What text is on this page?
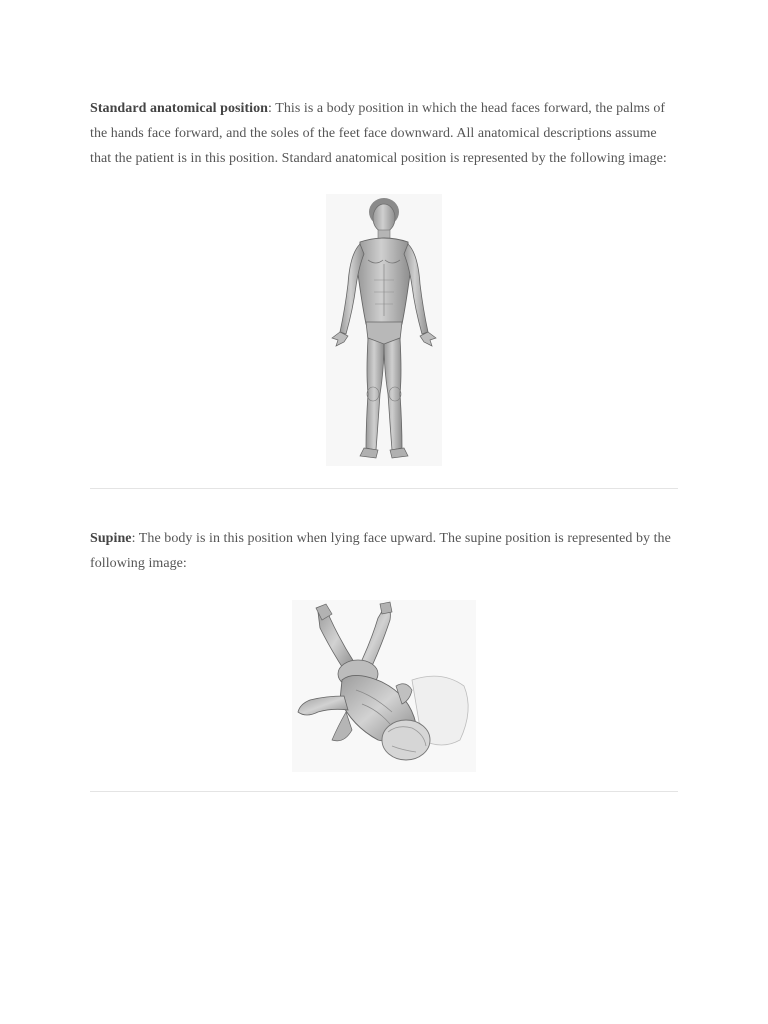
Standard anatomical position: This is a body position in which the head faces forward, the palms of the hands face forward, and the soles of the feet face downward. All anatomical descriptions assume that the patient is in this position. Standard anatomical position is represented by the following image:

Supine: The body is in this position when lying face upward. The supine position is represented by the following image:
